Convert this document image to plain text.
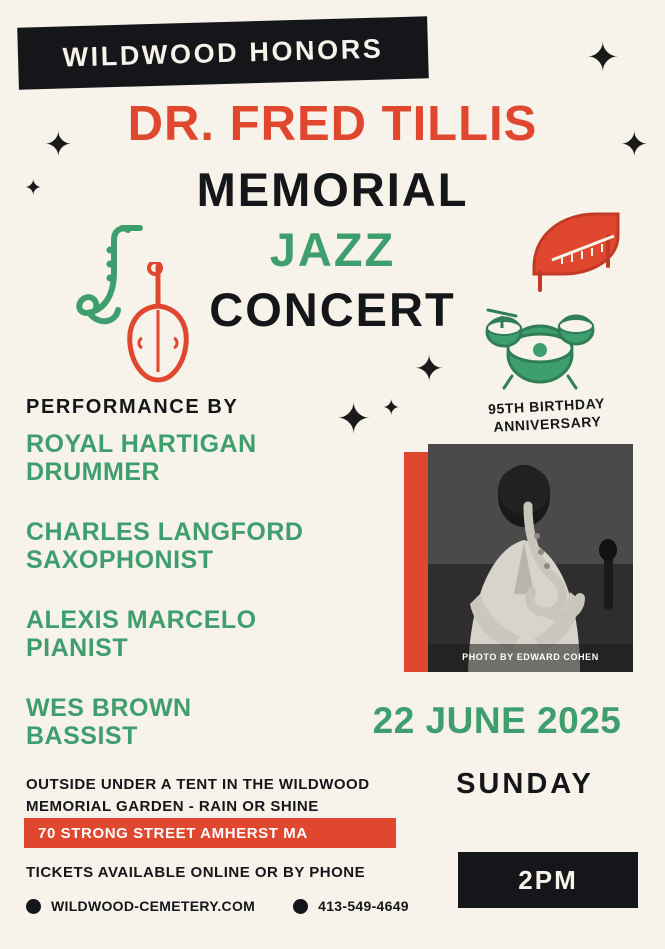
✦
✦
✦
✦
✦
✦ ✦
WILDWOOD HONORS
DR. FRED TILLIS
MEMORIAL
JAZZ
CONCERT
PERFORMANCE BY
ROYAL HARTIGAN
DRUMMER
CHARLES LANGFORD
SAXOPHONIST
ALEXIS MARCELO
PIANIST
WES BROWN
BASSIST
95TH BIRTHDAY
ANNIVERSARY
PHOTO BY EDWARD COHEN
22 JUNE 2025
SUNDAY
2PM
OUTSIDE UNDER A TENT IN THE WILDWOOD
MEMORIAL GARDEN - RAIN OR SHINE
70 STRONG STREET AMHERST MA
TICKETS AVAILABLE ONLINE OR BY PHONE
WILDWOOD-CEMETERY.COM	413-549-4649
